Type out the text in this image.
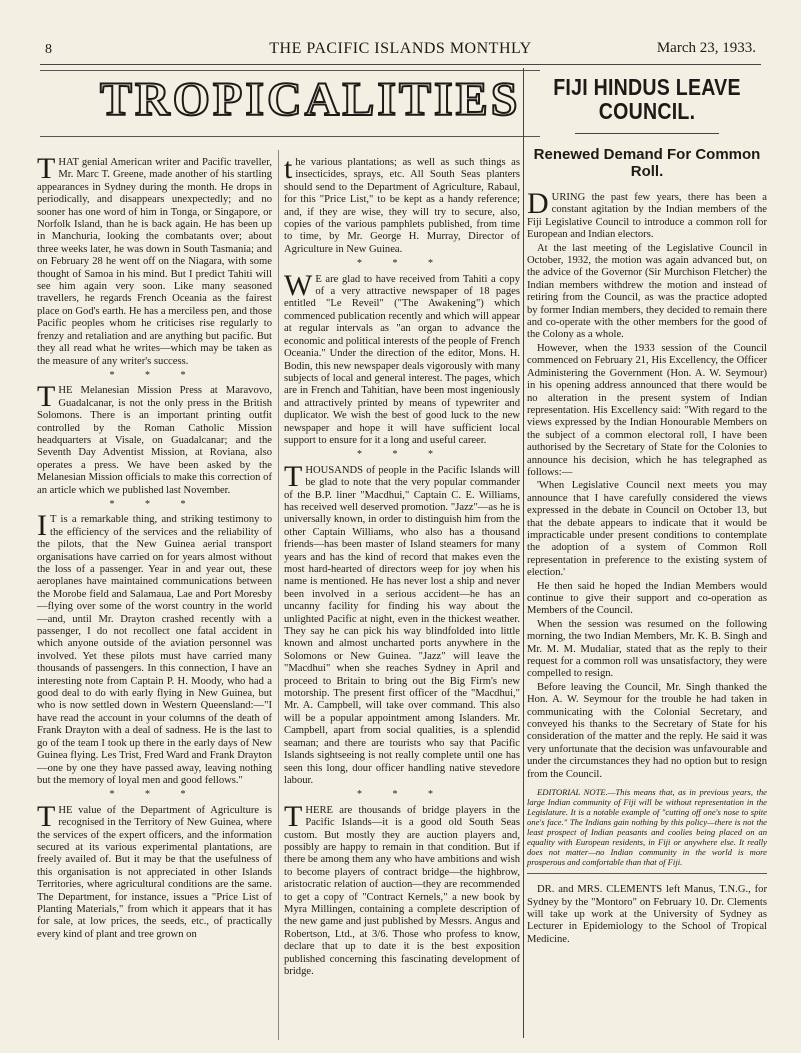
8	THE PACIFIC ISLANDS MONTHLY	March 23, 1933.
TROPICALITIES

THAT genial American writer and Pacific traveller, Mr. Marc T. Greene, made another of his startling appearances in Sydney during the month. He drops in periodically, and disappears unexpectedly; and no sooner has one word of him in Tonga, or Singapore, or Norfolk Island, than he is back again. He has been up in Manchuria, looking the combatants over; about three weeks later, he was down in South Tasmania; and on February 28 he went off on the Niagara, with some thought of Samoa in his mind. But I predict Tahiti will see him again very soon. Like many seasoned travellers, he regards French Oceania as the fairest place on God's earth. He has a merciless pen, and those Pacific peoples whom he criticises rise regularly to frenzy and retaliation and are anything but pacific. But they all read what he writes—which may be taken as the measure of any writer's success.

* * *

THE Melanesian Mission Press at Maravovo, Guadalcanar, is not the only press in the British Solomons. There is an important printing outfit controlled by the Roman Catholic Mission headquarters at Visale, on Guadalcanar; and the Seventh Day Adventist Mission, at Roviana, also operates a press. We have been asked by the Melanesian Mission officials to make this correction of an article which we published last November.

* * *

IT is a remarkable thing, and striking testimony to the efficiency of the services and the reliability of the pilots, that the New Guinea aerial transport organisations have carried on for years almost without the loss of a passenger. Year in and year out, these aeroplanes have maintained communications between the Morobe field and Salamaua, Lae and Port Moresby—flying over some of the worst country in the world—and, until Mr. Drayton crashed recently with a passenger, I do not recollect one fatal accident in which anyone outside of the aviation personnel was involved. Yet these pilots must have carried many thousands of passengers. In this connection, I have an interesting note from Captain P. H. Moody, who had a good deal to do with early flying in New Guinea, but who is now settled down in Western Queensland:—"I have read the account in your columns of the death of Frank Drayton with a deal of sadness. He is the last to go of the team I took up there in the early days of New Guinea flying. Les Trist, Fred Ward and Frank Drayton—one by one they have passed away, leaving nothing but the memory of loyal men and good fellows."

* * *

THE value of the Department of Agriculture is recognised in the Territory of New Guinea, where the services of the expert officers, and the information secured at its various experimental plantations, are freely availed of. But it may be that the usefulness of this organisation is not appreciated in other Islands Territories, where agricultural conditions are the same. The Department, for instance, issues a "Price List of Planting Materials," from which it appears that it has for sale, at low prices, the seeds, etc., of practically every kind of plant and tree grown on

the various plantations; as well as such things as insecticides, sprays, etc. All South Seas planters should send to the Department of Agriculture, Rabaul, for this "Price List," to be kept as a handy reference; and, if they are wise, they will try to secure, also, copies of the various pamphlets published, from time to time, by Mr. George H. Murray, Director of Agriculture in New Guinea.

* * *

WE are glad to have received from Tahiti a copy of a very attractive newspaper of 18 pages entitled "Le Reveil" ("The Awakening") which commenced publication recently and which will appear at regular intervals as "an organ to advance the economic and political interests of the people of French Oceania." Under the direction of the editor, Mons. H. Bodin, this new newspaper deals vigorously with many subjects of local and general interest. The pages, which are in French and Tahitian, have been most ingeniously and attractively printed by means of typewriter and duplicator. We wish the best of good luck to the new newspaper and hope it will have sufficient local support to ensure for it a long and useful career.

* * *

THOUSANDS of people in the Pacific Islands will be glad to note that the very popular commander of the B.P. liner "Macdhui," Captain C. E. Williams, has received well deserved promotion. "Jazz"—as he is universally known, in order to distinguish him from the other Captain Williams, who also has a thousand friends—has been master of Island steamers for many years and has the kind of record that makes even the most hard-hearted of directors weep for joy when his name is mentioned. He has never lost a ship and never been involved in a serious accident—he has an uncanny facility for finding his way about the unlighted Pacific at night, even in the thickest weather. They say he can pick his way blindfolded into little known and almost uncharted ports anywhere in the Solomons or New Guinea. "Jazz" will leave the "Macdhui" when she reaches Sydney in April and proceed to Britain to bring out the Big Firm's new motorship. The present first officer of the "Macdhui," Mr. A. Campbell, will take over command. This also will be a popular appointment among Islanders. Mr. Campbell, apart from social qualities, is a splendid seaman; and there are tourists who say that Pacific Islands sightseeing is not really complete until one has seen this long, dour officer handling native stevedore labour.

* * *

THERE are thousands of bridge players in the Pacific Islands—it is a good old South Seas custom. But mostly they are auction players and, possibly are happy to remain in that condition. But if there be among them any who have ambitions and wish to become players of contract bridge—the highbrow, aristocratic relation of auction—they are recommended to get a copy of "Contract Kernels," a new book by Myra Millingen, containing a complete description of the new game and just published by Messrs. Angus and Robertson, Ltd., at 3/6. Those who profess to know, declare that up to date it is the best exposition published concerning this fascinating development of bridge.

FIJI HINDUS LEAVE COUNCIL.
Renewed Demand For Common Roll.

DURING the past few years, there has been a constant agitation by the Indian members of the Fiji Legislative Council to introduce a common roll for European and Indian electors.

At the last meeting of the Legislative Council in October, 1932, the motion was again advanced but, on the advice of the Governor (Sir Murchison Fletcher) the Indian members withdrew the motion and instead of retiring from the Council, as was the practice adopted by former Indian members, they decided to remain there and co-operate with the other members for the good of the Colony as a whole.

However, when the 1933 session of the Council commenced on February 21, His Excellency, the Officer Administering the Government (Hon. A. W. Seymour) in his opening address announced that there would be no alteration in the present system of Indian representation. His Excellency said: "With regard to the views expressed by the Indian Honourable Members on the subject of a common electoral roll, I have been authorised by the Secretary of State for the Colonies to announce his decision, which he has telegraphed as follows:—

'When Legislative Council next meets you may announce that I have carefully considered the views expressed in the debate in Council on October 13, but that the debate appears to indicate that it would be impracticable under present conditions to contemplate the adoption of a system of Common Roll representation in preference to the existing system of election.'

He then said he hoped the Indian Members would continue to give their support and co-operation as Members of the Council.

When the session was resumed on the following morning, the two Indian Members, Mr. K. B. Singh and Mr. M. M. Mudaliar, stated that as the reply to their request for a common roll was unsatisfactory, they were compelled to resign.

Before leaving the Council, Mr. Singh thanked the Hon. A. W. Seymour for the trouble he had taken in communicating with the Colonial Secretary, and conveyed his thanks to the Secretary of State for his consideration of the matter and the reply. He said it was very unfortunate that the decision was unfavourable and under the circumstances they had no option but to resign from the Council.

EDITORIAL NOTE.—This means that, as in previous years, the large Indian community of Fiji will be without representation in the Legislature. It is a notable example of "cutting off one's nose to spite one's face." The Indians gain nothing by this policy—there is not the least prospect of Indian peasants and coolies being placed on an equality with European residents, in Fiji or anywhere else. It really does not matter—no Indian community in the world is more prosperous and comfortable than that of Fiji.

DR. and MRS. CLEMENTS left Manus, T.N.G., for Sydney by the "Montoro" on February 10. Dr. Clements will take up work at the University of Sydney as Lecturer in Epidemiology to the School of Tropical Medicine.
